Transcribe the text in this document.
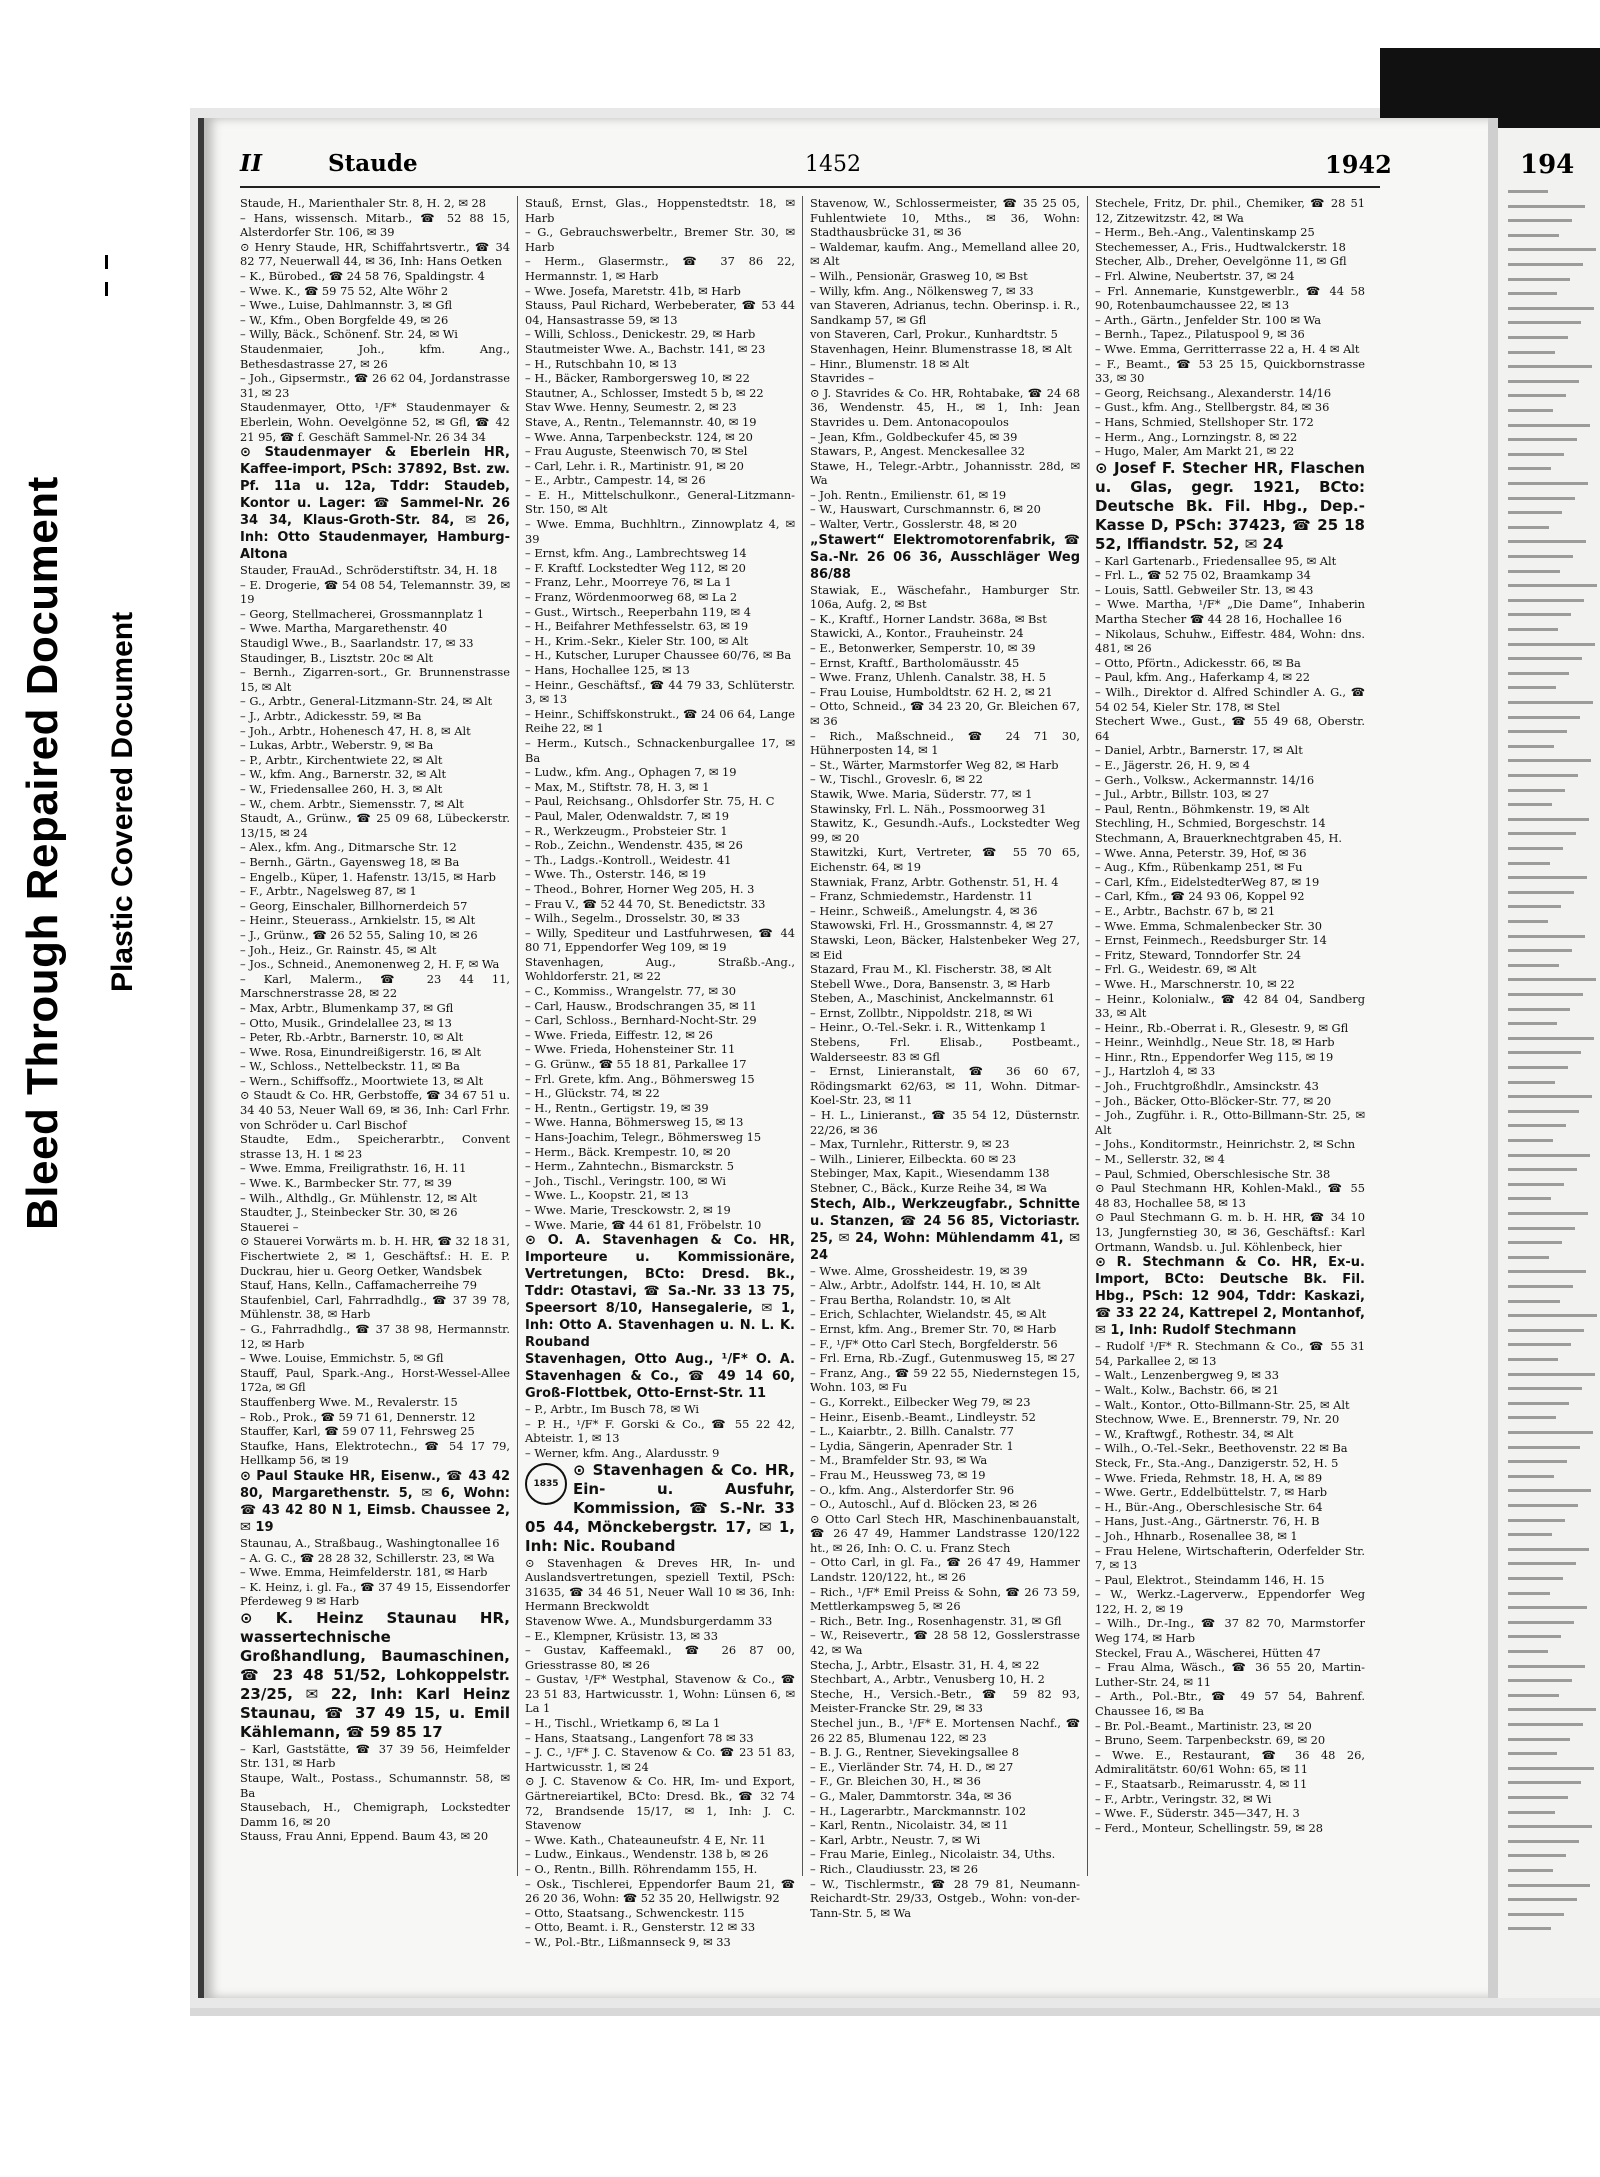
Bleed Through Repaired Document Plastic Covered Document
194
II	Staude	1452	1942

Staude, H., Marienthaler Str. 8, H. 2, ✉ 28

– Hans, wissensch. Mitarb., ☎ 52 88 15, Alsterdorfer Str. 106, ✉ 39

⊙ Henry Staude, HR, Schiffahrtsvertr., ☎ 34 82 77, Neuerwall 44, ✉ 36, Inh: Hans Oetken

– K., Bürobed., ☎ 24 58 76, Spaldingstr. 4

– Wwe. K., ☎ 59 75 52, Alte Wöhr 2

– Wwe., Luise, Dahlmannstr. 3, ✉ Gfl

– W., Kfm., Oben Borgfelde 49, ✉ 26

– Willy, Bäck., Schönenf. Str. 24, ✉ Wi

Staudenmaier, Joh., kfm. Ang., Bethesdastrasse 27, ✉ 26

– Joh., Gipsermstr., ☎ 26 62 04, Jordanstrasse 31, ✉ 23

Staudenmayer, Otto, ¹/F* Staudenmayer & Eberlein, Wohn. Oevelgönne 52, ✉ Gfl, ☎ 42 21 95, ☎ f. Geschäft Sammel-Nr. 26 34 34

⊙ Staudenmayer & Eberlein HR, Kaffee-import, PSch: 37892, Bst. zw. Pf. 11a u. 12a, Tddr: Staudeb, Kontor u. Lager: ☎ Sammel-Nr. 26 34 34, Klaus-Groth-Str. 84, ✉ 26, Inh: Otto Staudenmayer, Hamburg-Altona

Stauder, FrauAd., Schröderstiftstr. 34, H. 18

– E. Drogerie, ☎ 54 08 54, Telemannstr. 39, ✉ 19

– Georg, Stellmacherei, Grossmannplatz 1

– Wwe. Martha, Margarethenstr. 40

Staudigl Wwe., B., Saarlandstr. 17, ✉ 33

Staudinger, B., Lisztstr. 20c ✉ Alt

– Bernh., Zigarren-sort., Gr. Brunnenstrasse 15, ✉ Alt

– G., Arbtr., General-Litzmann-Str. 24, ✉ Alt

– J., Arbtr., Adickesstr. 59, ✉ Ba

– Joh., Arbtr., Hohenesch 47, H. 8, ✉ Alt

– Lukas, Arbtr., Weberstr. 9, ✉ Ba

– P., Arbtr., Kirchentwiete 22, ✉ Alt

– W., kfm. Ang., Barnerstr. 32, ✉ Alt

– W., Friedensallee 260, H. 3, ✉ Alt

– W., chem. Arbtr., Siemensstr. 7, ✉ Alt

Staudt, A., Grünw., ☎ 25 09 68, Lübeckerstr. 13/15, ✉ 24

– Alex., kfm. Ang., Ditmarsche Str. 12

– Bernh., Gärtn., Gayensweg 18, ✉ Ba

– Engelb., Küper, 1. Hafenstr. 13/15, ✉ Harb

– F., Arbtr., Nagelsweg 87, ✉ 1

– Georg, Einschaler, Billhornerdeich 57

– Heinr., Steuerass., Arnkielstr. 15, ✉ Alt

– J., Grünw., ☎ 26 52 55, Saling 10, ✉ 26

– Joh., Heiz., Gr. Rainstr. 45, ✉ Alt

– Jos., Schneid., Anemonenweg 2, H. F, ✉ Wa

– Karl, Malerm., ☎ 23 44 11, Marschnerstrasse 28, ✉ 22

– Max, Arbtr., Blumenkamp 37, ✉ Gfl

– Otto, Musik., Grindelallee 23, ✉ 13

– Peter, Rb.-Arbtr., Barnerstr. 10, ✉ Alt

– Wwe. Rosa, Einundreißigerstr. 16, ✉ Alt

– W., Schloss., Nettelbeckstr. 11, ✉ Ba

– Wern., Schiffsoffz., Moortwiete 13, ✉ Alt

⊙ Staudt & Co. HR, Gerbstoffe, ☎ 34 67 51 u. 34 40 53, Neuer Wall 69, ✉ 36, Inh: Carl Frhr. von Schröder u. Carl Bischof

Staudte, Edm., Speicherarbtr., Convent strasse 13, H. 1 ✉ 23

– Wwe. Emma, Freiligrathstr. 16, H. 11

– Wwe. K., Barmbecker Str. 77, ✉ 39

– Wilh., Althdlg., Gr. Mühlenstr. 12, ✉ Alt

Staudter, J., Steinbecker Str. 30, ✉ 26

Stauerei –

⊙ Stauerei Vorwärts m. b. H. HR, ☎ 32 18 31, Fischertwiete 2, ✉ 1, Geschäftsf.: H. E. P. Duckrau, hier u. Georg Oetker, Wandsbek

Stauf, Hans, Kelln., Caffamacherreihe 79

Staufenbiel, Carl, Fahrradhdlg., ☎ 37 39 78, Mühlenstr. 38, ✉ Harb

– G., Fahrradhdlg., ☎ 37 38 98, Hermannstr. 12, ✉ Harb

– Wwe. Louise, Emmichstr. 5, ✉ Gfl

Stauff, Paul, Spark.-Ang., Horst-Wessel-Allee 172a, ✉ Gfl

Stauffenberg Wwe. M., Revalerstr. 15

– Rob., Prok., ☎ 59 71 61, Dennerstr. 12

Stauffer, Karl, ☎ 59 07 11, Fehrsweg 25

Staufke, Hans, Elektrotechn., ☎ 54 17 79, Hellkamp 56, ✉ 19

⊙ Paul Stauke HR, Eisenw., ☎ 43 42 80, Margarethenstr. 5, ✉ 6, Wohn: ☎ 43 42 80 N 1, Eimsb. Chaussee 2, ✉ 19

Staunau, A., Straßbaug., Washingtonallee 16

– A. G. C., ☎ 28 28 32, Schillerstr. 23, ✉ Wa

– Wwe. Emma, Heimfelderstr. 181, ✉ Harb

– K. Heinz, i. gl. Fa., ☎ 37 49 15, Eissendorfer Pferdeweg 9 ✉ Harb

⊙ K. Heinz Staunau HR, wassertechnische Großhandlung, Baumaschinen, ☎ 23 48 51/52, Lohkoppelstr. 23/25, ✉ 22, Inh: Karl Heinz Staunau, ☎ 37 49 15, u. Emil Kählemann, ☎ 59 85 17

– Karl, Gaststätte, ☎ 37 39 56, Heimfelder Str. 131, ✉ Harb

Staupe, Walt., Postass., Schumannstr. 58, ✉ Ba

Stausebach, H., Chemigraph, Lockstedter Damm 16, ✉ 20

Stauss, Frau Anni, Eppend. Baum 43, ✉ 20

Stauß, Ernst, Glas., Hoppenstedtstr. 18, ✉ Harb

– G., Gebrauchswerbeltr., Bremer Str. 30, ✉ Harb

– Herm., Glasermstr., ☎ 37 86 22, Hermannstr. 1, ✉ Harb

– Wwe. Josefa, Maretstr. 41b, ✉ Harb

Stauss, Paul Richard, Werbeberater, ☎ 53 44 04, Hansastrasse 59, ✉ 13

– Willi, Schloss., Denickestr. 29, ✉ Harb

Stautmeister Wwe. A., Bachstr. 141, ✉ 23

– H., Rutschbahn 10, ✉ 13

– H., Bäcker, Ramborgersweg 10, ✉ 22

Stautner, A., Schlosser, Imstedt 5 b, ✉ 22

Stav Wwe. Henny, Seumestr. 2, ✉ 23

Stave, A., Rentn., Telemannstr. 40, ✉ 19

– Wwe. Anna, Tarpenbeckstr. 124, ✉ 20

– Frau Auguste, Steenwisch 70, ✉ Stel

– Carl, Lehr. i. R., Martinistr. 91, ✉ 20

– E., Arbtr., Campestr. 14, ✉ 26

– E. H., Mittelschulkonr., General-Litzmann-Str. 150, ✉ Alt

– Wwe. Emma, Buchhltrn., Zinnowplatz 4, ✉ 39

– Ernst, kfm. Ang., Lambrechtsweg 14

– F. Kraftf. Lockstedter Weg 112, ✉ 20

– Franz, Lehr., Moorreye 76, ✉ La 1

– Franz, Wördenmoorweg 68, ✉ La 2

– Gust., Wirtsch., Reeperbahn 119, ✉ 4

– H., Beifahrer Methfesselstr. 63, ✉ 19

– H., Krim.-Sekr., Kieler Str. 100, ✉ Alt

– H., Kutscher, Luruper Chaussee 60/76, ✉ Ba

– Hans, Hochallee 125, ✉ 13

– Heinr., Geschäftsf., ☎ 44 79 33, Schlüterstr. 3, ✉ 13

– Heinr., Schiffskonstrukt., ☎ 24 06 64, Lange Reihe 22, ✉ 1

– Herm., Kutsch., Schnackenburgallee 17, ✉ Ba

– Ludw., kfm. Ang., Ophagen 7, ✉ 19

– Max, M., Stiftstr. 78, H. 3, ✉ 1

– Paul, Reichsang., Ohlsdorfer Str. 75, H. C

– Paul, Maler, Odenwaldstr. 7, ✉ 19

– R., Werkzeugm., Probsteier Str. 1

– Rob., Zeichn., Wendenstr. 435, ✉ 26

– Th., Ladgs.-Kontroll., Weidestr. 41

– Wwe. Th., Osterstr. 146, ✉ 19

– Theod., Bohrer, Horner Weg 205, H. 3

– Frau V., ☎ 52 44 70, St. Benedictstr. 33

– Wilh., Segelm., Drosselstr. 30, ✉ 33

– Willy, Spediteur und Lastfuhrwesen, ☎ 44 80 71, Eppendorfer Weg 109, ✉ 19

Stavenhagen, Aug., Straßb.-Ang., Wohldorferstr. 21, ✉ 22

– C., Kommiss., Wrangelstr. 77, ✉ 30

– Carl, Hausw., Brodschrangen 35, ✉ 11

– Carl, Schloss., Bernhard-Nocht-Str. 29

– Wwe. Frieda, Eiffestr. 12, ✉ 26

– Wwe. Frieda, Hohensteiner Str. 11

– G. Grünw., ☎ 55 18 81, Parkallee 17

– Frl. Grete, kfm. Ang., Böhmersweg 15

– H., Glückstr. 74, ✉ 22

– H., Rentn., Gertigstr. 19, ✉ 39

– Wwe. Hanna, Böhmersweg 15, ✉ 13

– Hans-Joachim, Telegr., Böhmersweg 15

– Herm., Bäck. Krempestr. 10, ✉ 20

– Herm., Zahntechn., Bismarckstr. 5

– Joh., Tischl., Veringstr. 100, ✉ Wi

– Wwe. L., Koopstr. 21, ✉ 13

– Wwe. Marie, Tresckowstr. 2, ✉ 19

– Wwe. Marie, ☎ 44 61 81, Fröbelstr. 10

⊙ O. A. Stavenhagen & Co. HR, Importeure u. Kommissionäre, Vertretungen, BCto: Dresd. Bk., Tddr: Otastavi, ☎ Sa.-Nr. 33 13 75, Speersort 8/10, Hansegalerie, ✉ 1, Inh: Otto A. Stavenhagen u. N. L. K. Rouband

Stavenhagen, Otto Aug., ¹/F* O. A. Stavenhagen & Co., ☎ 49 14 60, Groß-Flottbek, Otto-Ernst-Str. 11

– P., Arbtr., Im Busch 78, ✉ Wi

– P. H., ¹/F* F. Gorski & Co., ☎ 55 22 42, Abteistr. 1, ✉ 13

– Werner, kfm. Ang., Alardusstr. 9

1835
⊙ Stavenhagen & Co. HR, Ein- u. Ausfuhr, Kommission, ☎ S.-Nr. 33 05 44, Mönckebergstr. 17, ✉ 1, Inh: Nic. Rouband

⊙ Stavenhagen & Dreves HR, In- und Auslandsvertretungen, speziell Textil, PSch: 31635, ☎ 34 46 51, Neuer Wall 10 ✉ 36, Inh: Hermann Breckwoldt

Stavenow Wwe. A., Mundsburgerdamm 33

– E., Klempner, Krüsistr. 13, ✉ 33

– Gustav, Kaffeemakl., ☎ 26 87 00, Griesstrasse 80, ✉ 26

– Gustav, ¹/F* Westphal, Stavenow & Co., ☎ 23 51 83, Hartwicusstr. 1, Wohn: Lünsen 6, ✉ La 1

– H., Tischl., Wrietkamp 6, ✉ La 1

– Hans, Staatsang., Langenfort 78 ✉ 33

– J. C., ¹/F* J. C. Stavenow & Co. ☎ 23 51 83, Hartwicusstr. 1, ✉ 24

⊙ J. C. Stavenow & Co. HR, Im- und Export, Gärtnereiartikel, BCto: Dresd. Bk., ☎ 32 74 72, Brandsende 15/17, ✉ 1, Inh: J. C. Stavenow

– Wwe. Kath., Chateauneufstr. 4 E, Nr. 11

– Ludw., Einkaus., Wendenstr. 138 b, ✉ 26

– O., Rentn., Billh. Röhrendamm 155, H.

– Osk., Tischlerei, Eppendorfer Baum 21, ☎ 26 20 36, Wohn: ☎ 52 35 20, Hellwigstr. 92

– Otto, Staatsang., Schwenckestr. 115

– Otto, Beamt. i. R., Gensterstr. 12 ✉ 33

– W., Pol.-Btr., Lißmannseck 9, ✉ 33

Stavenow, W., Schlossermeister, ☎ 35 25 05, Fuhlentwiete 10, Mths., ✉ 36, Wohn: Stadthausbrücke 31, ✉ 36

– Waldemar, kaufm. Ang., Memelland allee 20, ✉ Alt

– Wilh., Pensionär, Grasweg 10, ✉ Bst

– Willy, kfm. Ang., Nölkensweg 7, ✉ 33

van Staveren, Adrianus, techn. Oberinsp. i. R., Sandkamp 57, ✉ Gfl

von Staveren, Carl, Prokur., Kunhardtstr. 5

Stavenhagen, Heinr. Blumenstrasse 18, ✉ Alt

– Hinr., Blumenstr. 18 ✉ Alt

Stavrides –

⊙ J. Stavrides & Co. HR, Rohtabake, ☎ 24 68 36, Wendenstr. 45, H., ✉ 1, Inh: Jean Stavrides u. Dem. Antonacopoulos

– Jean, Kfm., Goldbeckufer 45, ✉ 39

Stawars, P., Angest. Menckesallee 32

Stawe, H., Telegr.-Arbtr., Johannisstr. 28d, ✉ Wa

– Joh. Rentn., Emilienstr. 61, ✉ 19

– W., Hauswart, Curschmannstr. 6, ✉ 20

– Walter, Vertr., Gosslerstr. 48, ✉ 20

„Stawert“ Elektromotorenfabrik, ☎ Sa.-Nr. 26 06 36, Ausschläger Weg 86/88

Stawiak, E., Wäschefahr., Hamburger Str. 106a, Aufg. 2, ✉ Bst

– K., Kraftf., Horner Landstr. 368a, ✉ Bst

Stawicki, A., Kontor., Frauheinstr. 24

– E., Betonwerker, Semperstr. 10, ✉ 39

– Ernst, Kraftf., Bartholomäusstr. 45

– Wwe. Franz, Uhlenh. Canalstr. 38, H. 5

– Frau Louise, Humboldtstr. 62 H. 2, ✉ 21

– Otto, Schneid., ☎ 34 23 20, Gr. Bleichen 67, ✉ 36

– Rich., Maßschneid., ☎ 24 71 30, Hühnerposten 14, ✉ 1

– St., Wärter, Marmstorfer Weg 82, ✉ Harb

– W., Tischl., Groveslr. 6, ✉ 22

Stawik, Wwe. Maria, Süderstr. 77, ✉ 1

Stawinsky, Frl. L. Näh., Possmoorweg 31

Stawitz, K., Gesundh.-Aufs., Lockstedter Weg 99, ✉ 20

Stawitzki, Kurt, Vertreter, ☎ 55 70 65, Eichenstr. 64, ✉ 19

Stawniak, Franz, Arbtr. Gothenstr. 51, H. 4

– Franz, Schmiedemstr., Hardenstr. 11

– Heinr., Schweiß., Amelungstr. 4, ✉ 36

Stawowski, Frl. H., Grossmannstr. 4, ✉ 27

Stawski, Leon, Bäcker, Halstenbeker Weg 27, ✉ Eid

Stazard, Frau M., Kl. Fischerstr. 38, ✉ Alt

Stebell Wwe., Dora, Bansenstr. 3, ✉ Harb

Steben, A., Maschinist, Anckelmannstr. 61

– Ernst, Zollbtr., Nippoldstr. 218, ✉ Wi

– Heinr., O.-Tel.-Sekr. i. R., Wittenkamp 1

Stebens, Frl. Elisab., Postbeamt., Walderseestr. 83 ✉ Gfl

– Ernst, Linieranstalt, ☎ 36 60 67, Rödingsmarkt 62/63, ✉ 11, Wohn. Ditmar-Koel-Str. 23, ✉ 11

– H. L., Linieranst., ☎ 35 54 12, Düsternstr. 22/26, ✉ 36

– Max, Turnlehr., Ritterstr. 9, ✉ 23

– Wilh., Linierer, Eilbeckta. 60 ✉ 23

Stebinger, Max, Kapit., Wiesendamm 138

Stebner, C., Bäck., Kurze Reihe 34, ✉ Wa

Stech, Alb., Werkzeugfabr., Schnitte u. Stanzen, ☎ 24 56 85, Victoriastr. 25, ✉ 24, Wohn: Mühlendamm 41, ✉ 24

– Wwe. Alme, Grossheidestr. 19, ✉ 39

– Alw., Arbtr., Adolfstr. 144, H. 10, ✉ Alt

– Frau Bertha, Rolandstr. 10, ✉ Alt

– Erich, Schlachter, Wielandstr. 45, ✉ Alt

– Ernst, kfm. Ang., Bremer Str. 70, ✉ Harb

– F., ¹/F* Otto Carl Stech, Borgfelderstr. 56

– Frl. Erna, Rb.-Zugf., Gutenmusweg 15, ✉ 27

– Franz, Ang., ☎ 59 22 55, Niedernstegen 15, Wohn. 103, ✉ Fu

– G., Korrekt., Eilbecker Weg 79, ✉ 23

– Heinr., Eisenb.-Beamt., Lindleystr. 52

– L., Kaiarbtr., 2. Billh. Canalstr. 77

– Lydia, Sängerin, Apenrader Str. 1

– M., Bramfelder Str. 93, ✉ Wa

– Frau M., Heussweg 73, ✉ 19

– O., kfm. Ang., Alsterdorfer Str. 96

– O., Autoschl., Auf d. Blöcken 23, ✉ 26

⊙ Otto Carl Stech HR, Maschinenbauanstalt, ☎ 26 47 49, Hammer Landstrasse 120/122 ht., ✉ 26, Inh: O. C. u. Franz Stech

– Otto Carl, in gl. Fa., ☎ 26 47 49, Hammer Landstr. 120/122, ht., ✉ 26

– Rich., ¹/F* Emil Preiss & Sohn, ☎ 26 73 59, Mettlerkampsweg 5, ✉ 26

– Rich., Betr. Ing., Rosenhagenstr. 31, ✉ Gfl

– W., Reisevertr., ☎ 28 58 12, Gosslerstrasse 42, ✉ Wa

Stecha, J., Arbtr., Elsastr. 31, H. 4, ✉ 22

Stechbart, A., Arbtr., Venusberg 10, H. 2

Steche, H., Versich.-Betr., ☎ 59 82 93, Meister-Francke Str. 29, ✉ 33

Stechel jun., B., ¹/F* E. Mortensen Nachf., ☎ 26 22 85, Blumenau 122, ✉ 23

– B. J. G., Rentner, Sievekingsallee 8

– E., Vierländer Str. 74, H. D., ✉ 27

– F., Gr. Bleichen 30, H., ✉ 36

– G., Maler, Dammtorstr. 34a, ✉ 36

– H., Lagerarbtr., Marckmannstr. 102

– Karl, Rentn., Nicolaistr. 34, ✉ 11

– Karl, Arbtr., Neustr. 7, ✉ Wi

– Frau Marie, Einleg., Nicolaistr. 34, Uths.

– Rich., Claudiusstr. 23, ✉ 26

– W., Tischlermstr., ☎ 28 79 81, Neumann-Reichardt-Str. 29/33, Ostgeb., Wohn: von-der-Tann-Str. 5, ✉ Wa

Stechele, Fritz, Dr. phil., Chemiker, ☎ 28 51 12, Zitzewitzstr. 42, ✉ Wa

– Herm., Beh.-Ang., Valentinskamp 25

Stechemesser, A., Fris., Hudtwalckerstr. 18

Stecher, Alb., Dreher, Oevelgönne 11, ✉ Gfl

– Frl. Alwine, Neubertstr. 37, ✉ 24

– Frl. Annemarie, Kunstgewerblr., ☎ 44 58 90, Rotenbaumchaussee 22, ✉ 13

– Arth., Gärtn., Jenfelder Str. 100 ✉ Wa

– Bernh., Tapez., Pilatuspool 9, ✉ 36

– Wwe. Emma, Gerritterrasse 22 a, H. 4 ✉ Alt

– F., Beamt., ☎ 53 25 15, Quickbornstrasse 33, ✉ 30

– Georg, Reichsang., Alexanderstr. 14/16

– Gust., kfm. Ang., Stellbergstr. 84, ✉ 36

– Hans, Schmied, Stellshoper Str. 172

– Herm., Ang., Lornzingstr. 8, ✉ 22

– Hugo, Maler, Am Markt 21, ✉ 22

⊙ Josef F. Stecher HR, Flaschen u. Glas, gegr. 1921, BCto: Deutsche Bk. Fil. Hbg., Dep.-Kasse D, PSch: 37423, ☎ 25 18 52, Iffiandstr. 52, ✉ 24

– Karl Gartenarb., Friedensallee 95, ✉ Alt

– Frl. L., ☎ 52 75 02, Braamkamp 34

– Louis, Sattl. Gebweiler Str. 13, ✉ 43

– Wwe. Martha, ¹/F* „Die Dame“, Inhaberin Martha Stecher ☎ 44 28 16, Hochallee 16

– Nikolaus, Schuhw., Eiffestr. 484, Wohn: dns. 481, ✉ 26

– Otto, Pförtn., Adickesstr. 66, ✉ Ba

– Paul, kfm. Ang., Haferkamp 4, ✉ 22

– Wilh., Direktor d. Alfred Schindler A. G., ☎ 54 02 54, Kieler Str. 178, ✉ Stel

Stechert Wwe., Gust., ☎ 55 49 68, Oberstr. 64

– Daniel, Arbtr., Barnerstr. 17, ✉ Alt

– E., Jägerstr. 26, H. 9, ✉ 4

– Gerh., Volksw., Ackermannstr. 14/16

– Jul., Arbtr., Billstr. 103, ✉ 27

– Paul, Rentn., Böhmkenstr. 19, ✉ Alt

Stechling, H., Schmied, Borgeschstr. 14

Stechmann, A, Brauerknechtgraben 45, H.

– Wwe. Anna, Peterstr. 39, Hof, ✉ 36

– Aug., Kfm., Rübenkamp 251, ✉ Fu

– Carl, Kfm., EidelstedterWeg 87, ✉ 19

– Carl, Kfm., ☎ 24 93 06, Koppel 92

– E., Arbtr., Bachstr. 67 b, ✉ 21

– Wwe. Emma, Schmalenbecker Str. 30

– Ernst, Feinmech., Reedsburger Str. 14

– Fritz, Steward, Tonndorfer Str. 24

– Frl. G., Weidestr. 69, ✉ Alt

– Wwe. H., Marschnerstr. 10, ✉ 22

– Heinr., Kolonialw., ☎ 42 84 04, Sandberg 33, ✉ Alt

– Heinr., Rb.-Oberrat i. R., Glesestr. 9, ✉ Gfl

– Heinr., Weinhdlg., Neue Str. 18, ✉ Harb

– Hinr., Rtn., Eppendorfer Weg 115, ✉ 19

– J., Hartzloh 4, ✉ 33

– Joh., Fruchtgroßhdlr., Amsinckstr. 43

– Joh., Bäcker, Otto-Blöcker-Str. 77, ✉ 20

– Joh., Zugführ. i. R., Otto-Billmann-Str. 25, ✉ Alt

– Johs., Konditormstr., Heinrichstr. 2, ✉ Schn

– M., Sellerstr. 32, ✉ 4

– Paul, Schmied, Oberschlesische Str. 38

⊙ Paul Stechmann HR, Kohlen-Makl., ☎ 55 48 83, Hochallee 58, ✉ 13

⊙ Paul Stechmann G. m. b. H. HR, ☎ 34 10 13, Jungfernstieg 30, ✉ 36, Geschäftsf.: Karl Ortmann, Wandsb. u. Jul. Köhlenbeck, hier

⊙ R. Stechmann & Co. HR, Ex-u. Import, BCto: Deutsche Bk. Fil. Hbg., PSch: 12 904, Tddr: Kaskazi, ☎ 33 22 24, Kattrepel 2, Montanhof, ✉ 1, Inh: Rudolf Stechmann

– Rudolf ¹/F* R. Stechmann & Co., ☎ 55 31 54, Parkallee 2, ✉ 13

– Walt., Lenzenbergweg 9, ✉ 33

– Walt., Kolw., Bachstr. 66, ✉ 21

– Walt., Kontor., Otto-Billmann-Str. 25, ✉ Alt

Stechnow, Wwe. E., Brennerstr. 79, Nr. 20

– W., Kraftwgf., Rothestr. 34, ✉ Alt

– Wilh., O.-Tel.-Sekr., Beethovenstr. 22 ✉ Ba

Steck, Fr., Sta.-Ang., Danzigerstr. 52, H. 5

– Wwe. Frieda, Rehmstr. 18, H. A, ✉ 89

– Wwe. Gertr., Eddelbüttelstr. 7, ✉ Harb

– H., Bür.-Ang., Oberschlesische Str. 64

– Hans, Just.-Ang., Gärtnerstr. 76, H. B

– Joh., Hhnarb., Rosenallee 38, ✉ 1

– Frau Helene, Wirtschafterin, Oderfelder Str. 7, ✉ 13

– Paul, Elektrot., Steindamm 146, H. 15

– W., Werkz.-Lagerverw., Eppendorfer Weg 122, H. 2, ✉ 19

– Wilh., Dr.-Ing., ☎ 37 82 70, Marmstorfer Weg 174, ✉ Harb

Steckel, Frau A., Wäscherei, Hütten 47

– Frau Alma, Wäsch., ☎ 36 55 20, Martin-Luther-Str. 24, ✉ 11

– Arth., Pol.-Btr., ☎ 49 57 54, Bahrenf. Chaussee 16, ✉ Ba

– Br. Pol.-Beamt., Martinistr. 23, ✉ 20

– Bruno, Seem. Tarpenbeckstr. 69, ✉ 20

– Wwe. E., Restaurant, ☎ 36 48 26, Admiralitätstr. 60/61 Wohn: 65, ✉ 11

– F., Staatsarb., Reimarusstr. 4, ✉ 11

– F., Arbtr., Veringstr. 32, ✉ Wi

– Wwe. F., Süderstr. 345—347, H. 3

– Ferd., Monteur, Schellingstr. 59, ✉ 28
